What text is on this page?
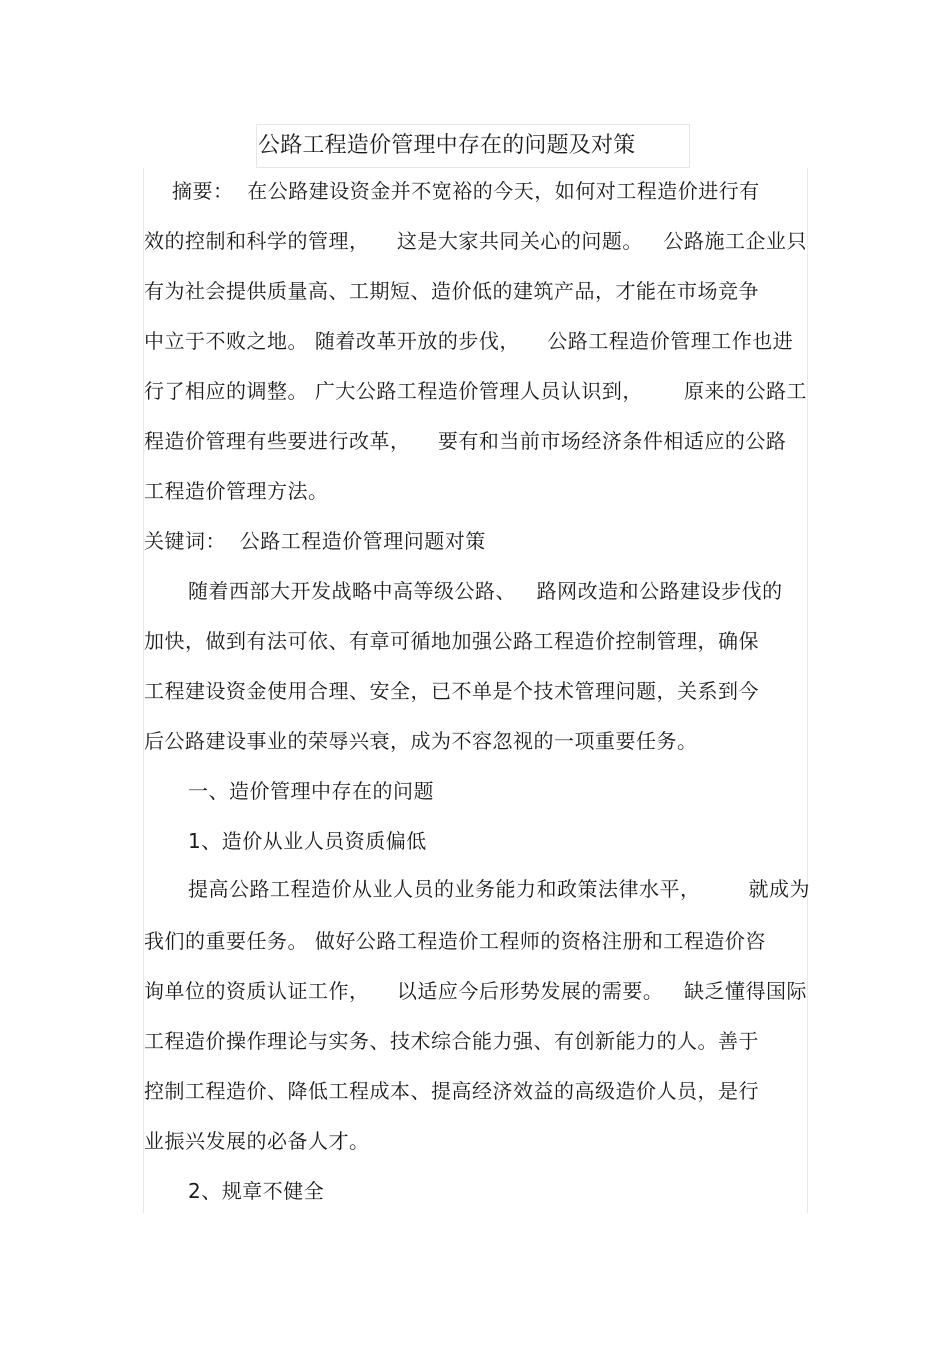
公路工程造价管理中存在的问题及对策
摘要：  在公路建设资金并不宽裕的今天，如何对工程造价进行有
效的控制和科学的管理，    这是大家共同关心的问题。   公路施工企业只
有为社会提供质量高、工期短、造价低的建筑产品，才能在市场竞争
中立于不败之地。 随着改革开放的步伐，    公路工程造价管理工作也进
行了相应的调整。 广大公路工程造价管理人员认识到，      原来的公路工
程造价管理有些要进行改革，    要有和当前市场经济条件相适应的公路
工程造价管理方法。
关键词：  公路工程造价管理问题对策
随着西部大开发战略中高等级公路、   路网改造和公路建设步伐的
加快，做到有法可依、有章可循地加强公路工程造价控制管理，确保
工程建设资金使用合理、安全，已不单是个技术管理问题，关系到今
后公路建设事业的荣辱兴衰，成为不容忽视的一项重要任务。
一、造价管理中存在的问题
1、造价从业人员资质偏低
提高公路工程造价从业人员的业务能力和政策法律水平，       就成为
我们的重要任务。 做好公路工程造价工程师的资格注册和工程造价咨
询单位的资质认证工作，    以适应今后形势发展的需要。   缺乏懂得国际
工程造价操作理论与实务、技术综合能力强、有创新能力的人。善于
控制工程造价、降低工程成本、提高经济效益的高级造价人员，是行
业振兴发展的必备人才。
2、规章不健全
